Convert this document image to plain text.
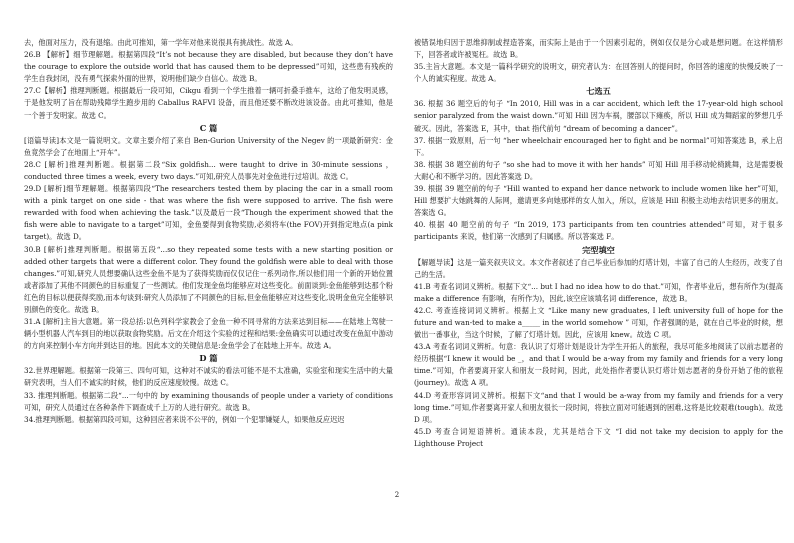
去，他面对压力，没有退缩。由此可推知，第一学年对他来说很具有挑战性。故选 A。

26.B 【解析】细节理解题。根据第四段“It’s not because they are disabled, but because they don’t have the courage to explore the outside world that has caused them to be depressed”可知，这些患有残疾的学生自我封闭，没有勇气探索外面的世界，说明他们缺少自信心。故选 B。

27.C【解析】推理判断题。根据最后一段可知，Cikgu 看到一个学生推着一辆可折叠手推车，这给了他发明灵感，于是他发明了旨在帮助残障学生跑步用的 Caballus RAFVI 设备，而且他还要不断改进该设备。由此可推知，他是一个善于发明家。故选 C。

C 篇

[语篇导读]本文是一篇说明文。文章主要介绍了来自 Ben-Gurion University of the Negev 的一项最新研究：金鱼竟然学会了在地面上“开车”。

28.C [解析]推理判断题。根据第二段“Six goldfish... were taught to drive in 30-minute sessions ，conducted three times a week, every two days.”可知,研究人员事先对金鱼进行过培训。故选 C。

29.D [解析]细节理解题。根据第四段“The researchers tested them by placing the car in a small room with a pink target on one side - that was where the fish were supposed to arrive. The fish were rewarded with food when achieving the task.”以及最后一段“Though the experiment showed that the fish were able to navigate to a target”可知，金鱼要得到食物奖励,必须将车(the FOV)开到指定地点(a pink target)。故选 D。

30.B [解析]推理判断题。根据第五段“...so they repeated some tests with a new starting position or added other targets that were a different color. They found the goldfish were able to deal with those changes.”可知,研究人员想要确认这些金鱼不是为了获得奖励而仅仅记住一系列动作,所以他们用一个新的开始位置或者添加了其他不同颜色的目标重复了一些测试。他们发现金鱼均能够应对这些变化。前面谈到:金鱼能够到达那个粉红色的目标以便获得奖励,而本句谈到:研究人员添加了不同颜色的目标,但金鱼能够应对这些变化,说明金鱼完全能够识别颜色的变化。故选 B。

31.A [解析]主旨大意题。第一段总括:以色列科学家教会了金鱼一种不同寻常的方法来达到目标——在陆地上驾驶一辆小型机器人汽车到目的地以获取食物奖励。后文在介绍这个实验的过程和结果:金鱼确实可以通过改变在鱼缸中游动的方向来控制小车方向并到达目的地。因此本文的关键信息是:金鱼学会了在陆地上开车。故选 A。

D 篇

32.世界理解题。根据第一段第三、四句可知，这种对不诚实的看法可能不是不太准确，实验室和现实生活中的大量研究表明，当人们不诚实的时候，他们的反应速度较慢。故选 C。

33. 推理判断题。根据第二段“...一句中的 by examining thousands of people under a variety of conditions 可知，研究人员通过在各种条件下调查成千上万的人进行研究。故选 B。

34.推理判断题。根据第四段可知，这种回应者来说不公平的，例如一个犯罪嫌疑人，如果他反应迟迟

被错误地归因于思维抑制或捏造答案，而实际上是由于一个因素引起的，例如仅仅是分心或是想问题。在这样情形下，回答者或许被冤枉。故选 B。

35.主旨大意题。本文是一篇科学研究的说明文，研究者认为：在回答别人的提问时，你回答的速度的快慢反映了一个人的诚实程度。故选 A。

七选五

36. 根据 36 题空后的句子 “In 2010, Hill was in a car accident, which left the 17-year-old high school senior paralyzed from the waist down.”可知 Hill 因为车祸，腰部以下瘫痪，所以 Hill 成为舞蹈家的梦想几乎破灭。因此，答案选 E，其中，that 指代前句 “dream of becoming a dancer”。

37. 根据一致原则，后一句 “her wheelchair encouraged her to fight and be normal”可知答案选 B，承上启下。

38. 根据 38 题空前的句子 “so she had to move it with her hands” 可知 Hill 用手移动轮椅跳舞，这是需要极大耐心和不断学习的。因此答案选 D。

39. 根据 39 题空前的句子 “Hill wanted to expand her dance network to include women like her”可知，Hill 想要扩大她跳舞的人际网，邀请更多向她那样的女人加入，所以，应该是 Hill 积极主动地去结识更多的朋友。答案选 G。

40. 根据 40 题空前的句子 “In 2019, 173 participants from ten countries attended”可知，对于很多 participants 来说，他们第一次感到了归属感。所以答案选 F。

完型填空

【解题导读】这是一篇夹叙夹议文。本文作者叙述了自己毕业后参加的灯塔计划，丰富了自己的人生经历，改变了自己的生活。

41.B 考查名词词义辨析。根据下文“... but I had no idea how to do that.”可知，作者毕业后，想有所作为(提高 make a difference 有影响，有所作为)，因此,该空应该填名词 difference，故选 B。

42.C. 考查连接词词义辨析。根据上文 “Like many new graduates, I left university full of hope for the future and wan-ted to make a_____ in the world somehow ” 可知，作者强调的是，就在自己毕业的时候，想做出一番事业，当这个时候，了解了灯塔计划。因此，应该用 knew。故选 C 项。

43.A 考查名词词义辨析。句意：我认识了灯塔计划是设计为学生开拓人的旅程，我尽可能多地阅读了以前志愿者的经历根据“I knew it would be _，and that I would be a-way from my family and friends for a very long time.”可知，作者要离开家人和朋友一段时间，因此，此处指作者要认识灯塔计划志愿者的身份开始了他的旅程(journey)。故选 A 项。

44.D 考查形容词词义辨析。根据下文“and that I would be a-way from my family and friends for a very long time.”可知,作者要离开家人和朋友很长一段时间，将独立面对可能遇到的困难,这将是比较艰难(tough)。故选 D 项。

45.D 考查合词短语辨析。通读本段，尤其是结合下文 “I did not take my decision to apply for the Lighthouse Project

2
